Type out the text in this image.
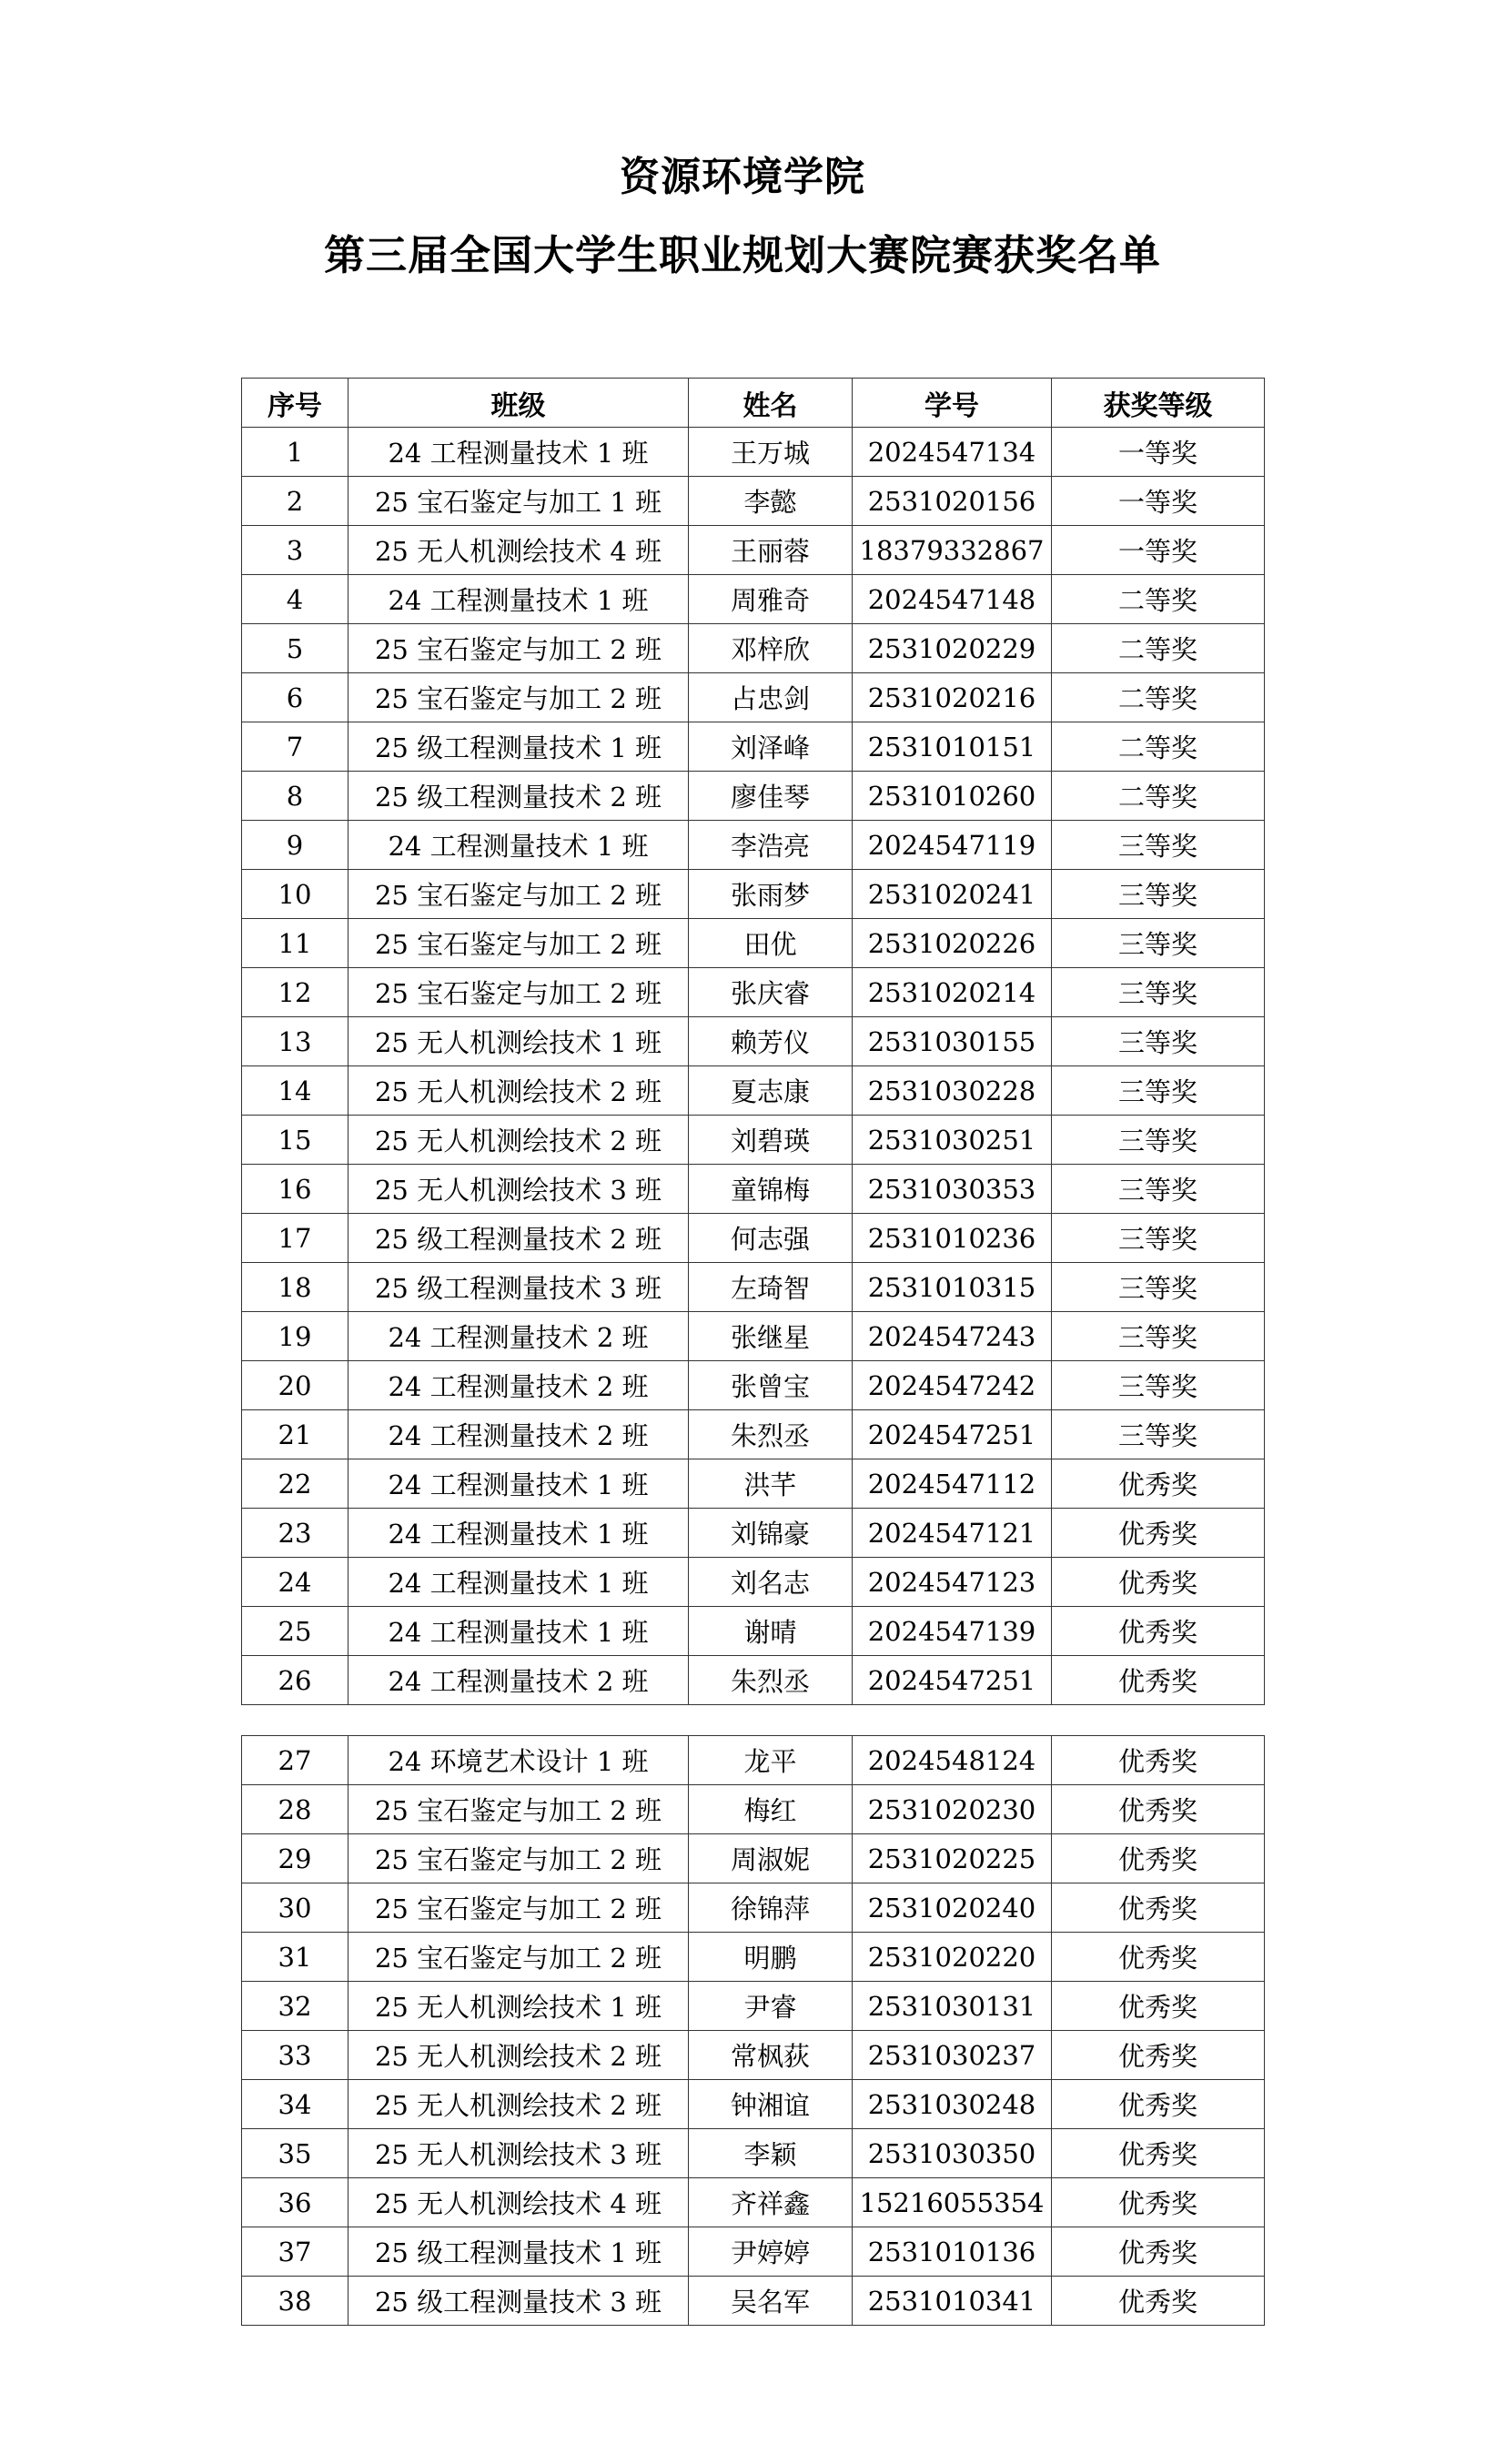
资源环境学院
第三届全国大学生职业规划大赛院赛获奖名单
序号	班级	姓名	学号	获奖等级
1	24 工程测量技术 1 班	王万城	2024547134	一等奖
2	25 宝石鉴定与加工 1 班	李懿	2531020156	一等奖
3	25 无人机测绘技术 4 班	王丽蓉	18379332867	一等奖
4	24 工程测量技术 1 班	周雅奇	2024547148	二等奖
5	25 宝石鉴定与加工 2 班	邓梓欣	2531020229	二等奖
6	25 宝石鉴定与加工 2 班	占忠剑	2531020216	二等奖
7	25 级工程测量技术 1 班	刘泽峰	2531010151	二等奖
8	25 级工程测量技术 2 班	廖佳琴	2531010260	二等奖
9	24 工程测量技术 1 班	李浩亮	2024547119	三等奖
10	25 宝石鉴定与加工 2 班	张雨梦	2531020241	三等奖
11	25 宝石鉴定与加工 2 班	田优	2531020226	三等奖
12	25 宝石鉴定与加工 2 班	张庆睿	2531020214	三等奖
13	25 无人机测绘技术 1 班	赖芳仪	2531030155	三等奖
14	25 无人机测绘技术 2 班	夏志康	2531030228	三等奖
15	25 无人机测绘技术 2 班	刘碧瑛	2531030251	三等奖
16	25 无人机测绘技术 3 班	童锦梅	2531030353	三等奖
17	25 级工程测量技术 2 班	何志强	2531010236	三等奖
18	25 级工程测量技术 3 班	左琦智	2531010315	三等奖
19	24 工程测量技术 2 班	张继星	2024547243	三等奖
20	24 工程测量技术 2 班	张曾宝	2024547242	三等奖
21	24 工程测量技术 2 班	朱烈丞	2024547251	三等奖
22	24 工程测量技术 1 班	洪芊	2024547112	优秀奖
23	24 工程测量技术 1 班	刘锦豪	2024547121	优秀奖
24	24 工程测量技术 1 班	刘名志	2024547123	优秀奖
25	24 工程测量技术 1 班	谢晴	2024547139	优秀奖
26	24 工程测量技术 2 班	朱烈丞	2024547251	优秀奖
27	24 环境艺术设计 1 班	龙平	2024548124	优秀奖
28	25 宝石鉴定与加工 2 班	梅红	2531020230	优秀奖
29	25 宝石鉴定与加工 2 班	周淑妮	2531020225	优秀奖
30	25 宝石鉴定与加工 2 班	徐锦萍	2531020240	优秀奖
31	25 宝石鉴定与加工 2 班	明鹏	2531020220	优秀奖
32	25 无人机测绘技术 1 班	尹睿	2531030131	优秀奖
33	25 无人机测绘技术 2 班	常枫荻	2531030237	优秀奖
34	25 无人机测绘技术 2 班	钟湘谊	2531030248	优秀奖
35	25 无人机测绘技术 3 班	李颖	2531030350	优秀奖
36	25 无人机测绘技术 4 班	齐祥鑫	15216055354	优秀奖
37	25 级工程测量技术 1 班	尹婷婷	2531010136	优秀奖
38	25 级工程测量技术 3 班	吴名军	2531010341	优秀奖
